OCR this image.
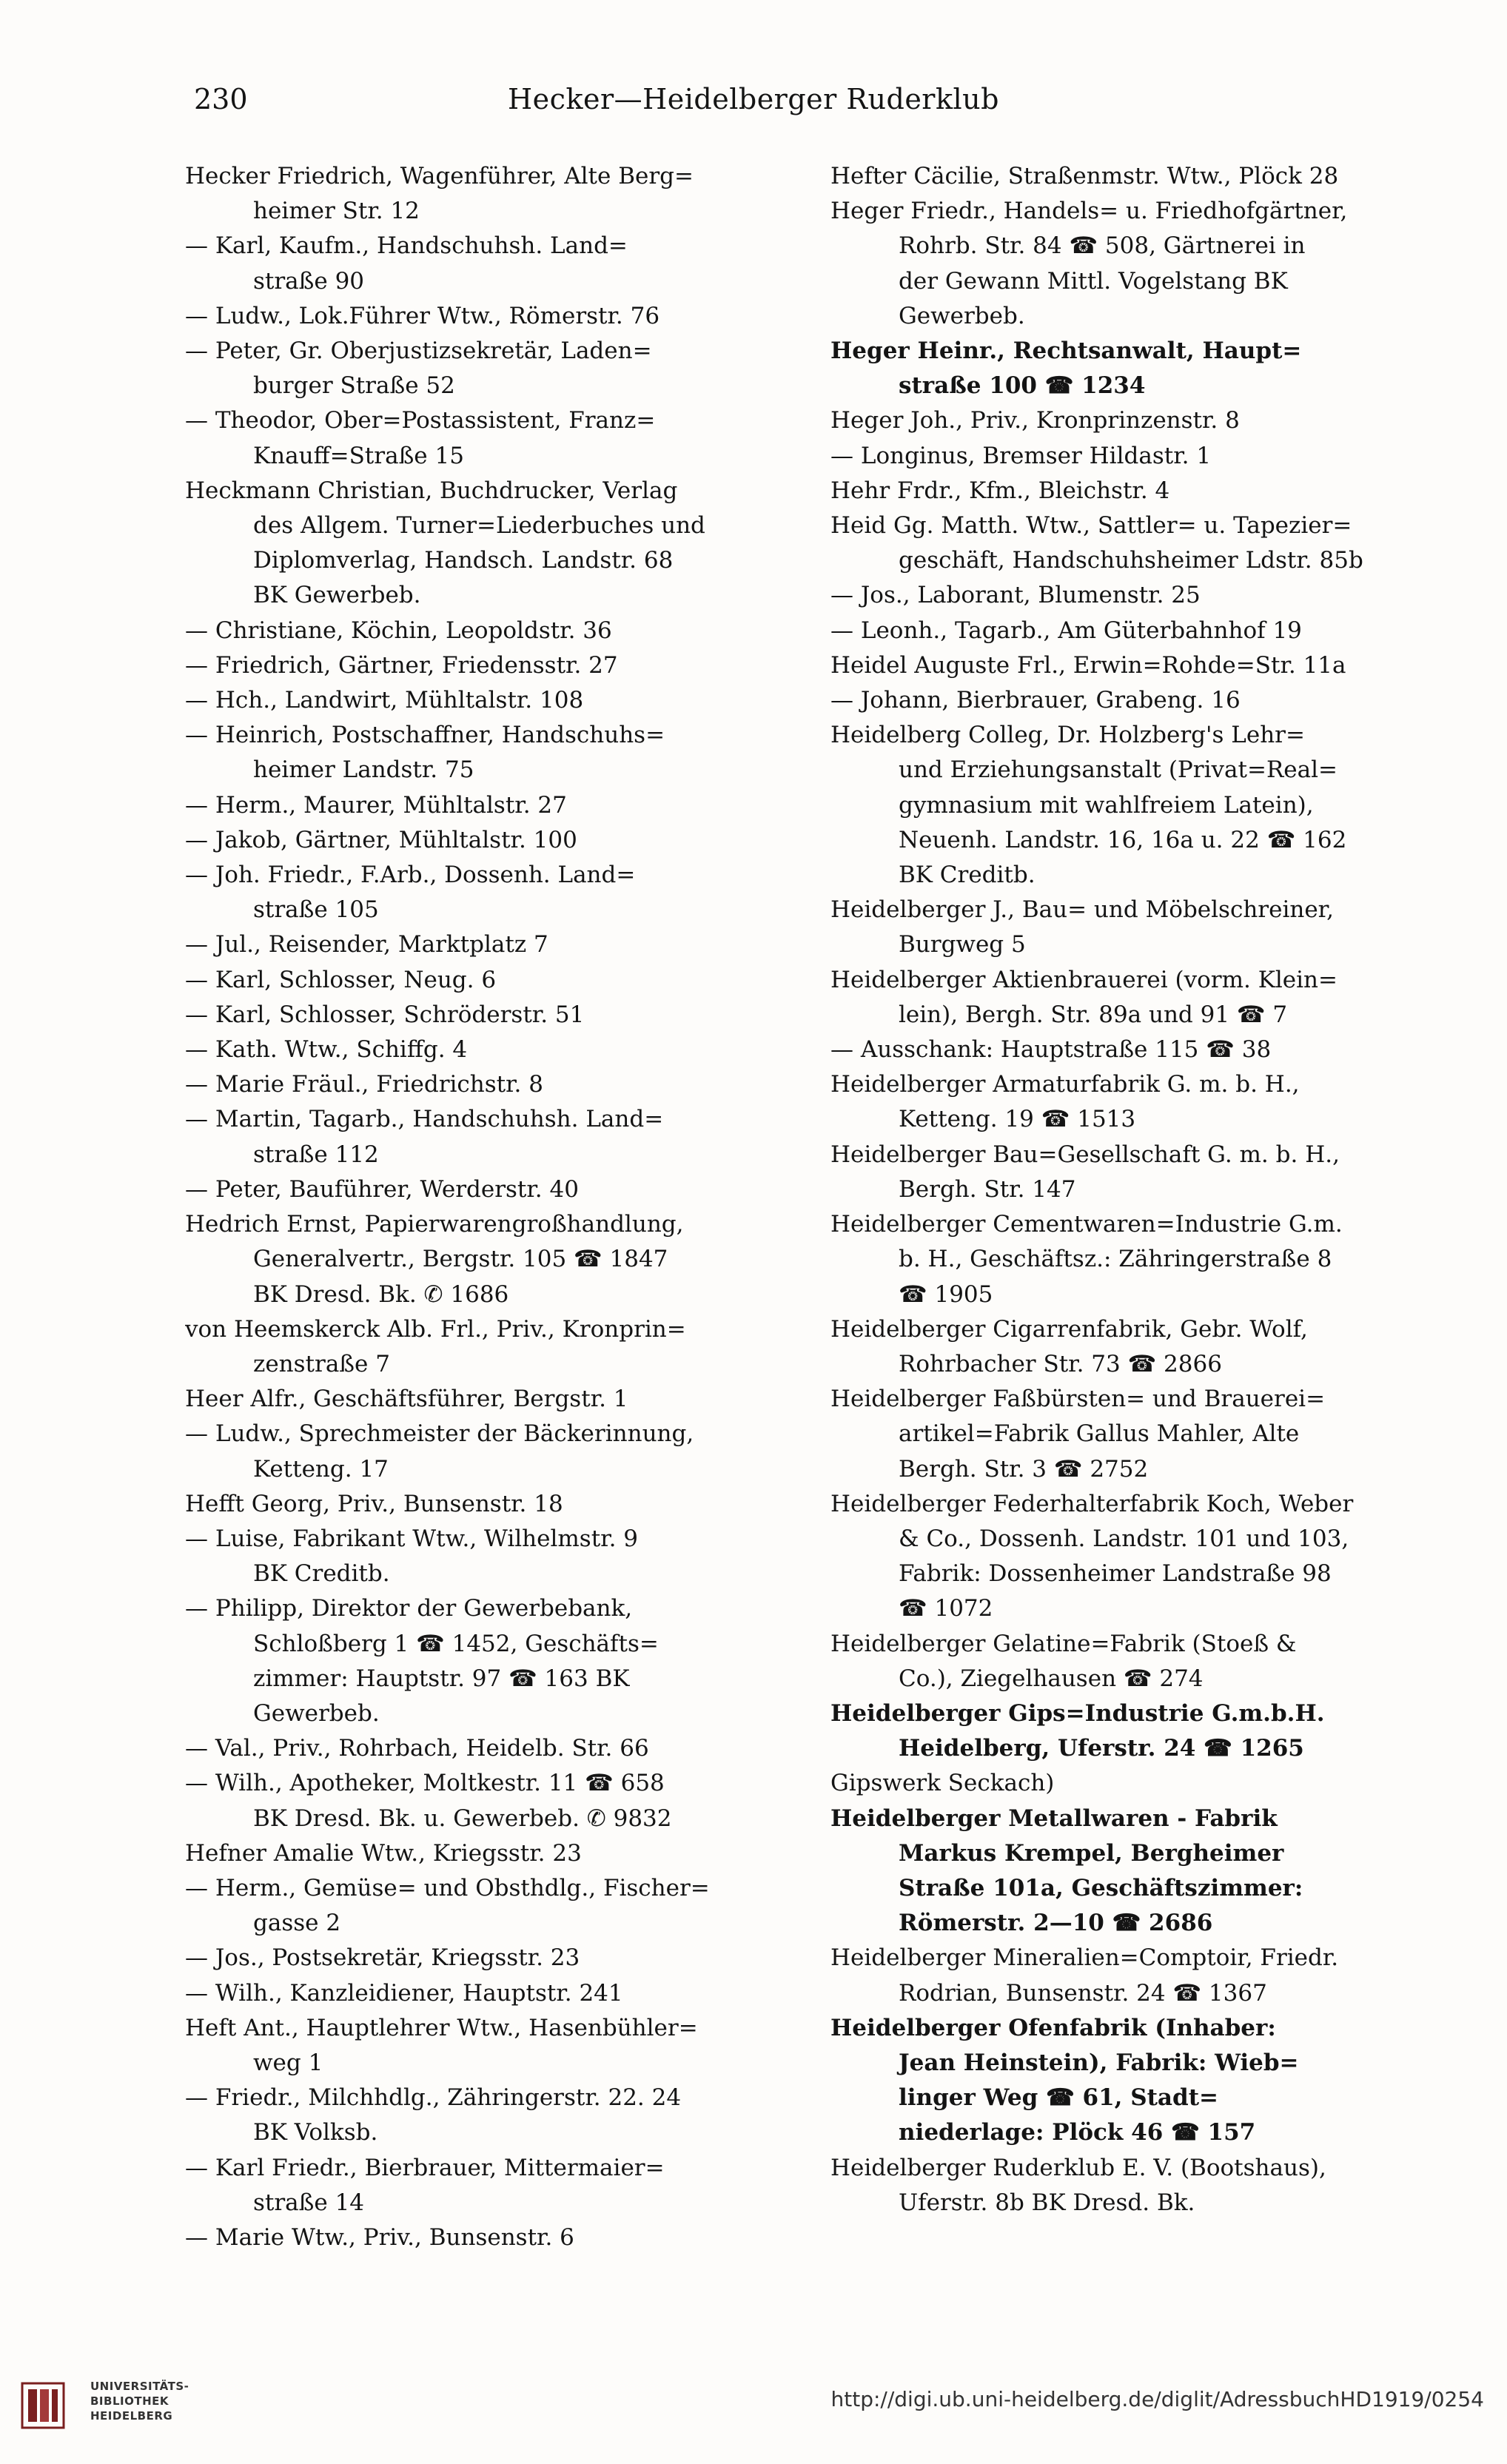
230	Hecker—Heidelberger Ruderklub
Hecker Friedrich, Wagenführer, Alte Berg=
heimer Str. 12
— Karl, Kaufm., Handschuhsh. Land=
straße 90
— Ludw., Lok.Führer Wtw., Römerstr. 76
— Peter, Gr. Oberjustizsekretär, Laden=
burger Straße 52
— Theodor, Ober=Postassistent, Franz=
Knauff=Straße 15
Heckmann Christian, Buchdrucker, Verlag
des Allgem. Turner=Liederbuches und
Diplomverlag, Handsch. Landstr. 68
BK Gewerbeb.
— Christiane, Köchin, Leopoldstr. 36
— Friedrich, Gärtner, Friedensstr. 27
— Hch., Landwirt, Mühltalstr. 108
— Heinrich, Postschaffner, Handschuhs=
heimer Landstr. 75
— Herm., Maurer, Mühltalstr. 27
— Jakob, Gärtner, Mühltalstr. 100
— Joh. Friedr., F.Arb., Dossenh. Land=
straße 105
— Jul., Reisender, Marktplatz 7
— Karl, Schlosser, Neug. 6
— Karl, Schlosser, Schröderstr. 51
— Kath. Wtw., Schiffg. 4
— Marie Fräul., Friedrichstr. 8
— Martin, Tagarb., Handschuhsh. Land=
straße 112
— Peter, Bauführer, Werderstr. 40
Hedrich Ernst, Papierwarengroßhandlung,
Generalvertr., Bergstr. 105 ☎ 1847
BK Dresd. Bk. ✆ 1686
von Heemskerck Alb. Frl., Priv., Kronprin=
zenstraße 7
Heer Alfr., Geschäftsführer, Bergstr. 1
— Ludw., Sprechmeister der Bäckerinnung,
Ketteng. 17
Hefft Georg, Priv., Bunsenstr. 18
— Luise, Fabrikant Wtw., Wilhelmstr. 9
BK Creditb.
— Philipp, Direktor der Gewerbebank,
Schloßberg 1 ☎ 1452, Geschäfts=
zimmer: Hauptstr. 97 ☎ 163 BK
Gewerbeb.
— Val., Priv., Rohrbach, Heidelb. Str. 66
— Wilh., Apotheker, Moltkestr. 11 ☎ 658
BK Dresd. Bk. u. Gewerbeb. ✆ 9832
Hefner Amalie Wtw., Kriegsstr. 23
— Herm., Gemüse= und Obsthdlg., Fischer=
gasse 2
— Jos., Postsekretär, Kriegsstr. 23
— Wilh., Kanzleidiener, Hauptstr. 241
Heft Ant., Hauptlehrer Wtw., Hasenbühler=
weg 1
— Friedr., Milchhdlg., Zähringerstr. 22. 24
BK Volksb.
— Karl Friedr., Bierbrauer, Mittermaier=
straße 14
— Marie Wtw., Priv., Bunsenstr. 6
Hefter Cäcilie, Straßenmstr. Wtw., Plöck 28
Heger Friedr., Handels= u. Friedhofgärtner,
Rohrb. Str. 84 ☎ 508, Gärtnerei in
der Gewann Mittl. Vogelstang BK
Gewerbeb.
Heger Heinr., Rechtsanwalt, Haupt=
straße 100 ☎ 1234
Heger Joh., Priv., Kronprinzenstr. 8
— Longinus, Bremser Hildastr. 1
Hehr Frdr., Kfm., Bleichstr. 4
Heid Gg. Matth. Wtw., Sattler= u. Tapezier=
geschäft, Handschuhsheimer Ldstr. 85b
— Jos., Laborant, Blumenstr. 25
— Leonh., Tagarb., Am Güterbahnhof 19
Heidel Auguste Frl., Erwin=Rohde=Str. 11a
— Johann, Bierbrauer, Grabeng. 16
Heidelberg Colleg, Dr. Holzberg's Lehr=
und Erziehungsanstalt (Privat=Real=
gymnasium mit wahlfreiem Latein),
Neuenh. Landstr. 16, 16a u. 22 ☎ 162
BK Creditb.
Heidelberger J., Bau= und Möbelschreiner,
Burgweg 5
Heidelberger Aktienbrauerei (vorm. Klein=
lein), Bergh. Str. 89a und 91 ☎ 7
— Ausschank: Hauptstraße 115 ☎ 38
Heidelberger Armaturfabrik G. m. b. H.,
Ketteng. 19 ☎ 1513
Heidelberger Bau=Gesellschaft G. m. b. H.,
Bergh. Str. 147
Heidelberger Cementwaren=Industrie G.m.
b. H., Geschäftsz.: Zähringerstraße 8
☎ 1905
Heidelberger Cigarrenfabrik, Gebr. Wolf,
Rohrbacher Str. 73 ☎ 2866
Heidelberger Faßbürsten= und Brauerei=
artikel=Fabrik Gallus Mahler, Alte
Bergh. Str. 3 ☎ 2752
Heidelberger Federhalterfabrik Koch, Weber
& Co., Dossenh. Landstr. 101 und 103,
Fabrik: Dossenheimer Landstraße 98
☎ 1072
Heidelberger Gelatine=Fabrik (Stoeß &
Co.), Ziegelhausen ☎ 274
Heidelberger Gips=Industrie G.m.b.H.
Heidelberg, Uferstr. 24 ☎ 1265
Gipswerk Seckach)
Heidelberger Metallwaren - Fabrik
Markus Krempel, Bergheimer
Straße 101a, Geschäftszimmer:
Römerstr. 2—10 ☎ 2686
Heidelberger Mineralien=Comptoir, Friedr.
Rodrian, Bunsenstr. 24 ☎ 1367
Heidelberger Ofenfabrik (Inhaber:
Jean Heinstein), Fabrik: Wieb=
linger Weg ☎ 61, Stadt=
niederlage: Plöck 46 ☎ 157
Heidelberger Ruderklub E. V. (Bootshaus),
Uferstr. 8b BK Dresd. Bk.
UNIVERSITÄTS-
BIBLIOTHEK
HEIDELBERG
http://digi.ub.uni-heidelberg.de/diglit/AdressbuchHD1919/0254
